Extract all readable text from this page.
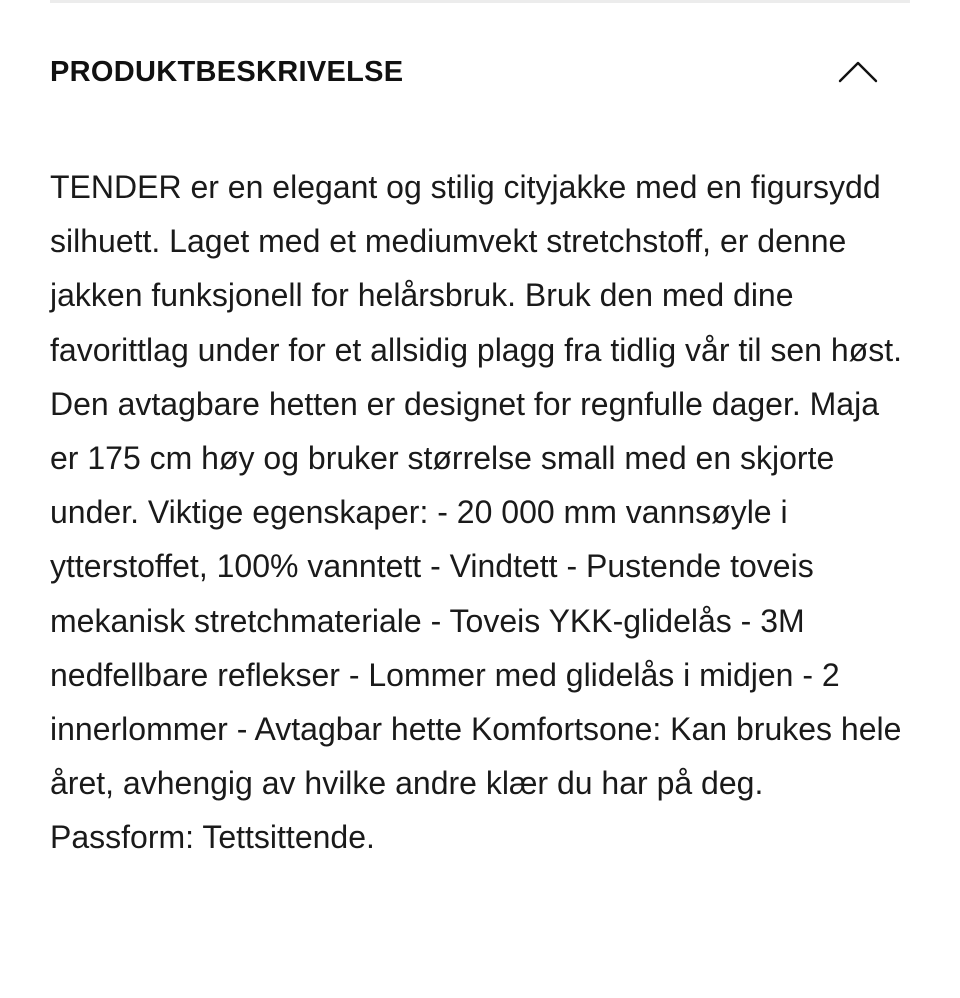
PRODUKTBESKRIVELSE

TENDER er en elegant og stilig cityjakke med en figursydd silhuett. Laget med et mediumvekt stretchstoff, er denne jakken funksjonell for helårsbruk. Bruk den med dine favorittlag under for et allsidig plagg fra tidlig vår til sen høst. Den avtagbare hetten er designet for regnfulle dager. Maja er 175 cm høy og bruker størrelse small med en skjorte under. Viktige egenskaper: - 20 000 mm vannsøyle i ytterstoffet, 100% vanntett - Vindtett - Pustende toveis mekanisk stretchmateriale - Toveis YKK-glidelås - 3M nedfellbare reflekser - Lommer med glidelås i midjen - 2 innerlommer - Avtagbar hette Komfortsone: Kan brukes hele året, avhengig av hvilke andre klær du har på deg. Passform: Tettsittende.
